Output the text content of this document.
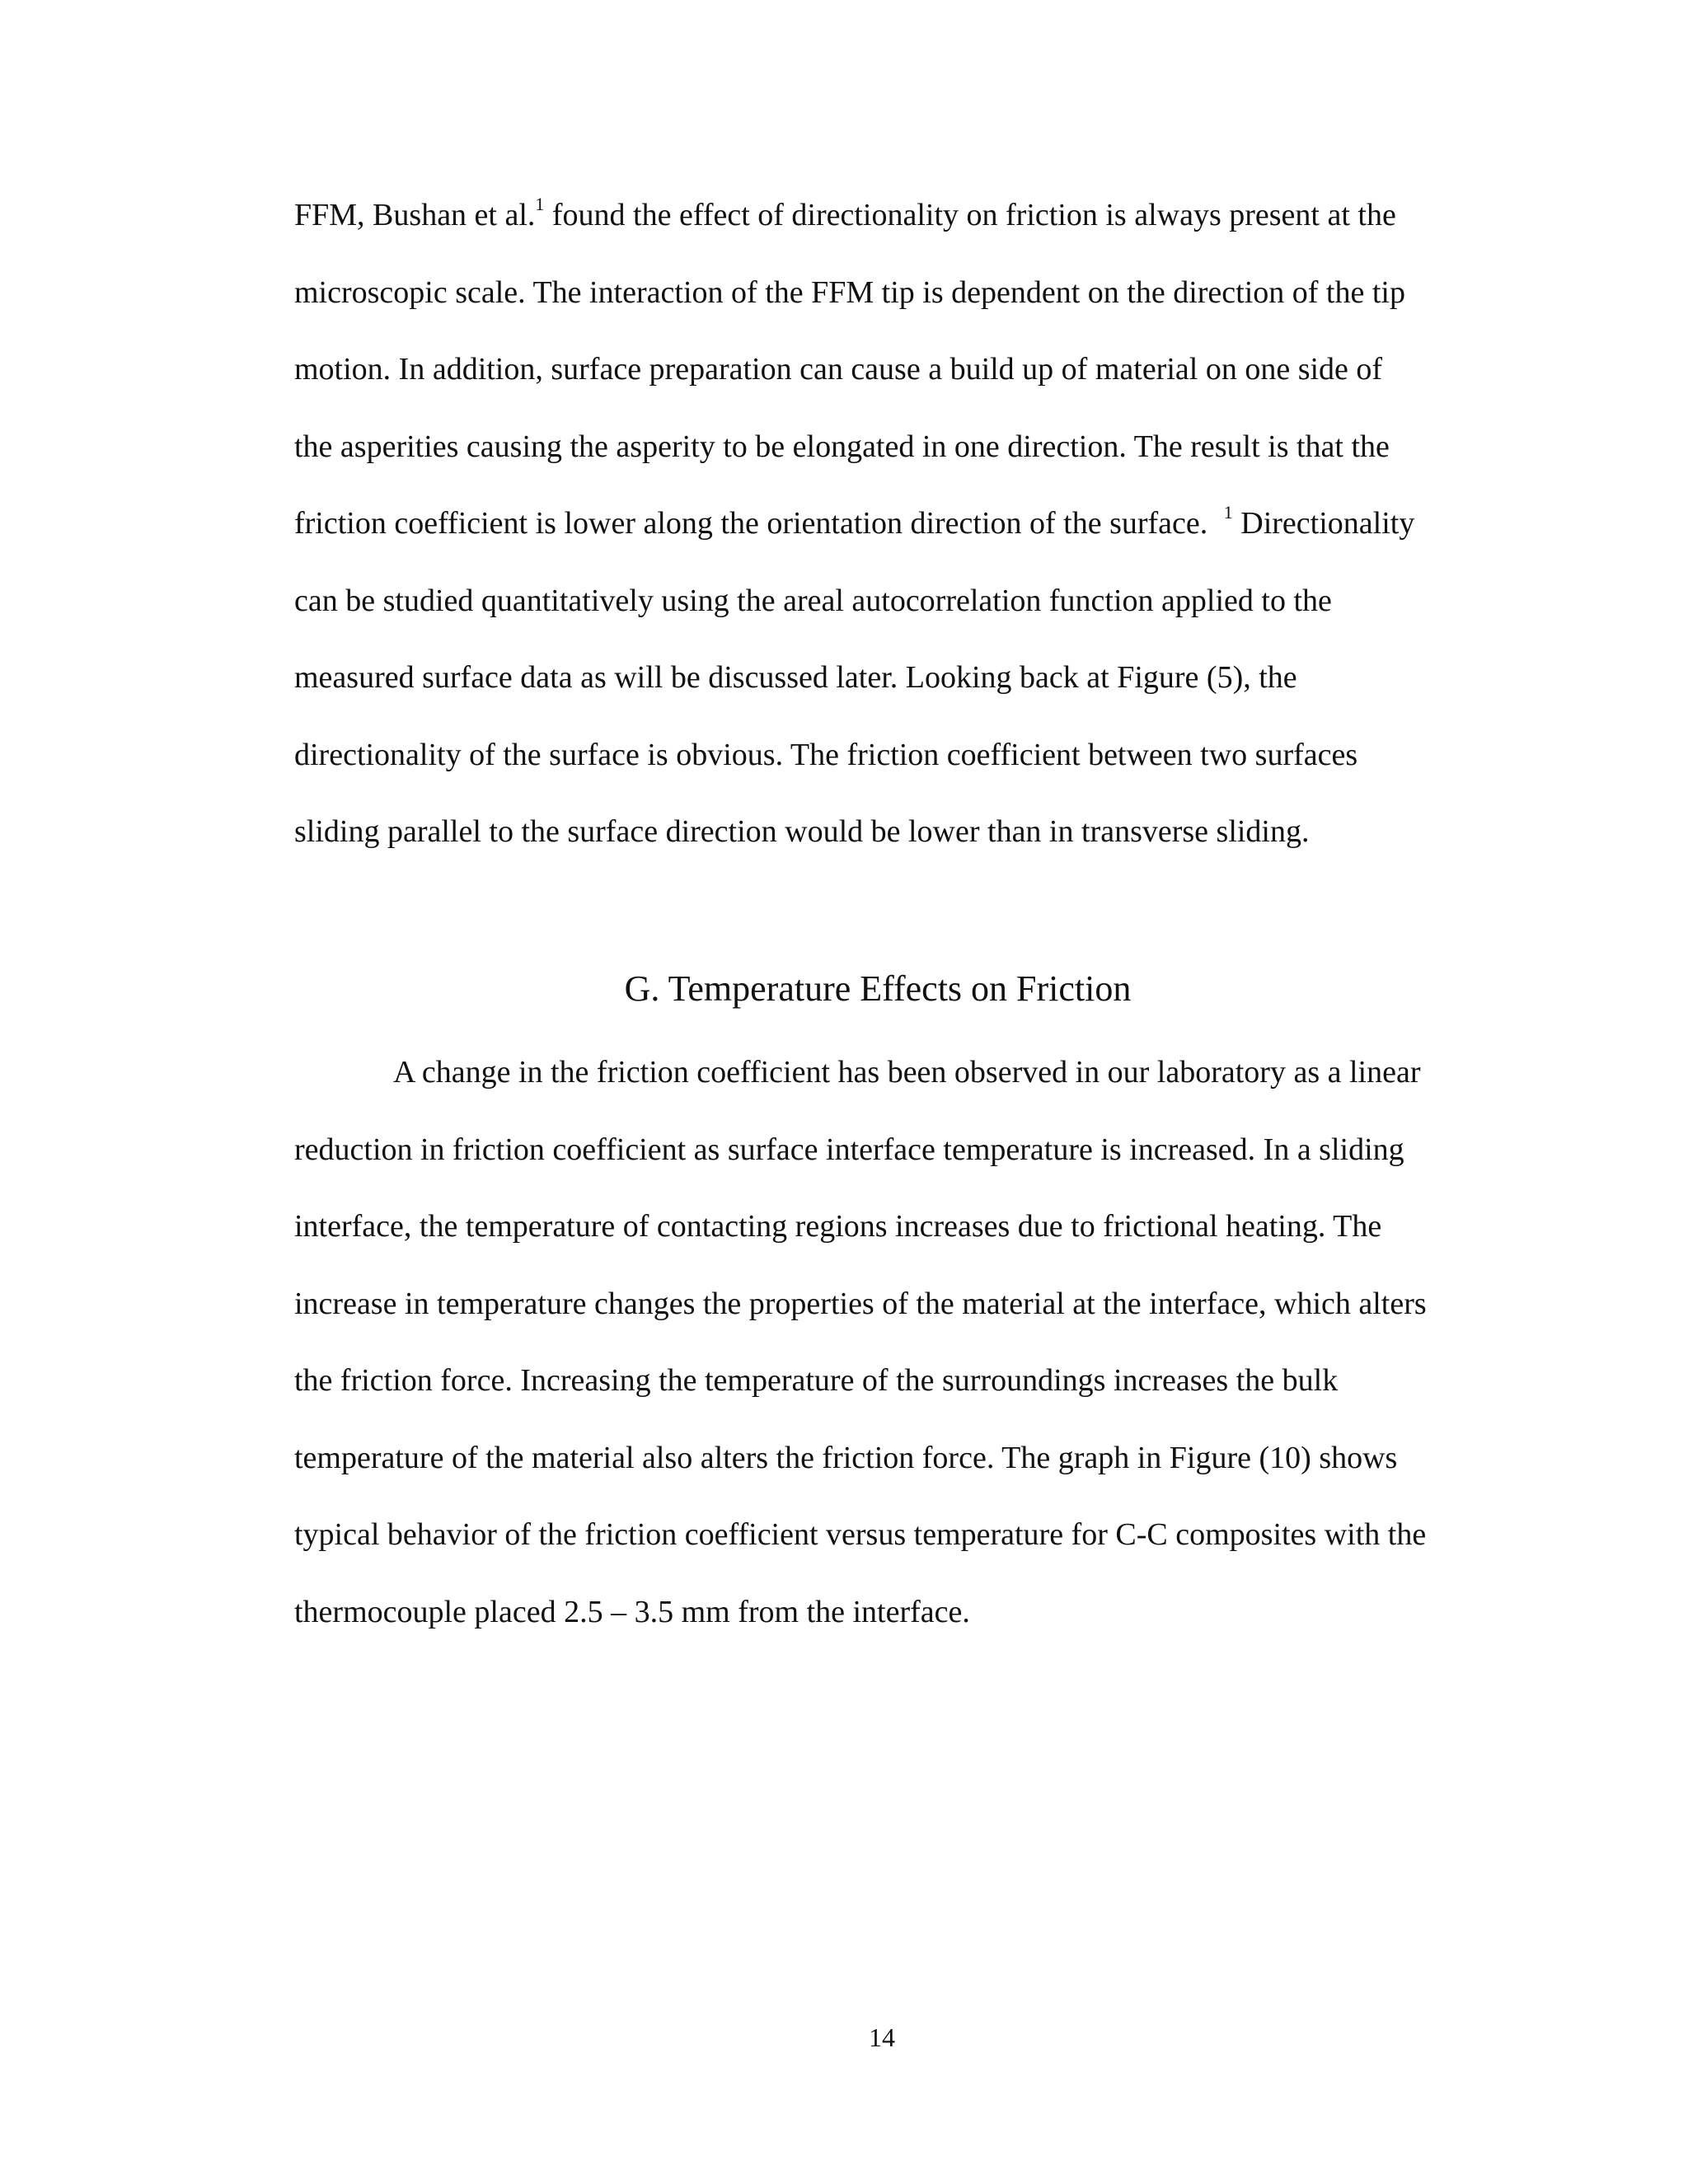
FFM, Bushan et al.$^1$ found the effect of directionality on friction is always present at the
microscopic scale. The interaction of the FFM tip is dependent on the direction of the tip
motion. In addition, surface preparation can cause a build up of material on one side of
the asperities causing the asperity to be elongated in one direction. The result is that the
friction coefficient is lower along the orientation direction of the surface. $^1$ Directionality
can be studied quantitatively using the areal autocorrelation function applied to the
measured surface data as will be discussed later. Looking back at Figure (5), the
directionality of the surface is obvious. The friction coefficient between two surfaces
sliding parallel to the surface direction would be lower than in transverse sliding.

G. Temperature Effects on Friction

A change in the friction coefficient has been observed in our laboratory as a linear
reduction in friction coefficient as surface interface temperature is increased. In a sliding
interface, the temperature of contacting regions increases due to frictional heating. The
increase in temperature changes the properties of the material at the interface, which alters
the friction force. Increasing the temperature of the surroundings increases the bulk
temperature of the material also alters the friction force. The graph in Figure (10) shows
typical behavior of the friction coefficient versus temperature for C-C composites with the
thermocouple placed 2.5 – 3.5 mm from the interface.

14
